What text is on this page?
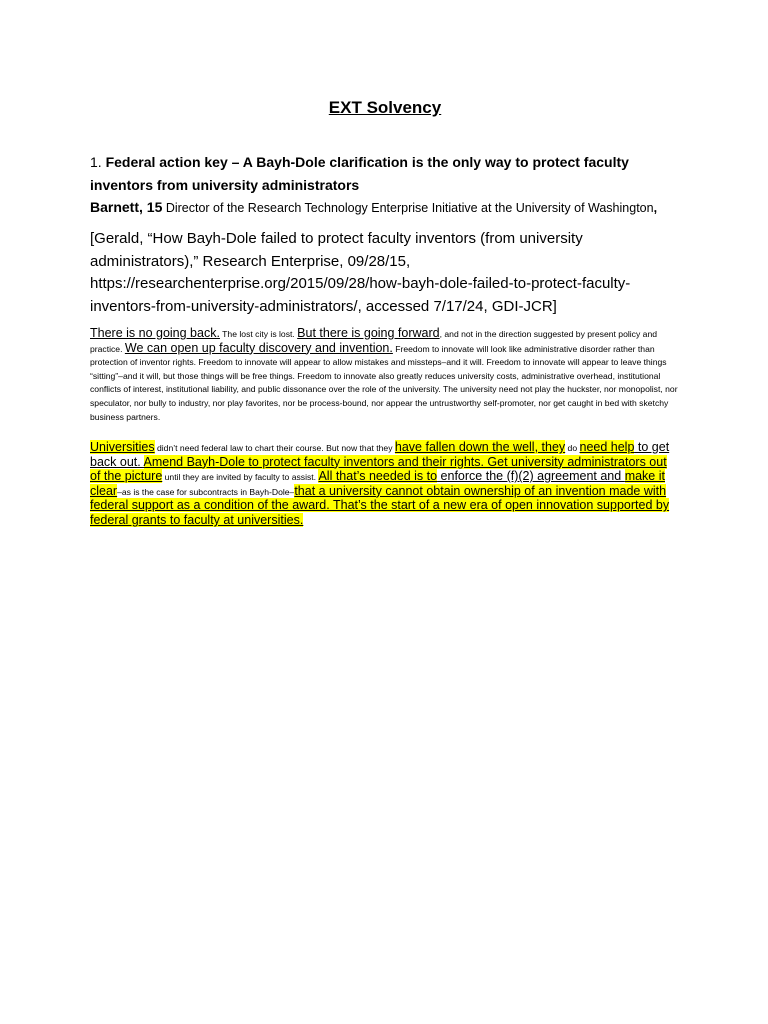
EXT Solvency
1. Federal action key – A Bayh-Dole clarification is the only way to protect faculty inventors from university administrators
Barnett, 15 Director of the Research Technology Enterprise Initiative at the University of Washington,
[Gerald, “How Bayh-Dole failed to protect faculty inventors (from university administrators),” Research Enterprise, 09/28/15, https://researchenterprise.org/2015/09/28/how-bayh-dole-failed-to-protect-faculty-inventors-from-university-administrators/, accessed 7/17/24, GDI-JCR]
There is no going back. The lost city is lost. But there is going forward, and not in the direction suggested by present policy and practice. We can open up faculty discovery and invention. Freedom to innovate will look like administrative disorder rather than protection of inventor rights. Freedom to innovate will appear to allow mistakes and missteps–and it will. Freedom to innovate will appear to leave things “sitting”–and it will, but those things will be free things. Freedom to innovate also greatly reduces university costs, administrative overhead, institutional conflicts of interest, institutional liability, and public dissonance over the role of the university. The university need not play the huckster, nor monopolist, nor speculator, nor bully to industry, nor play favorites, nor be process-bound, nor appear the untrustworthy self-promoter, nor get caught in bed with sketchy business partners.
Universities didn’t need federal law to chart their course. But now that they have fallen down the well, they do need help to get back out. Amend Bayh-Dole to protect faculty inventors and their rights. Get university administrators out of the picture until they are invited by faculty to assist. All that’s needed is to enforce the (f)(2) agreement and make it clear–as is the case for subcontracts in Bayh-Dole–that a university cannot obtain ownership of an invention made with federal support as a condition of the award. That’s the start of a new era of open innovation supported by federal grants to faculty at universities.
